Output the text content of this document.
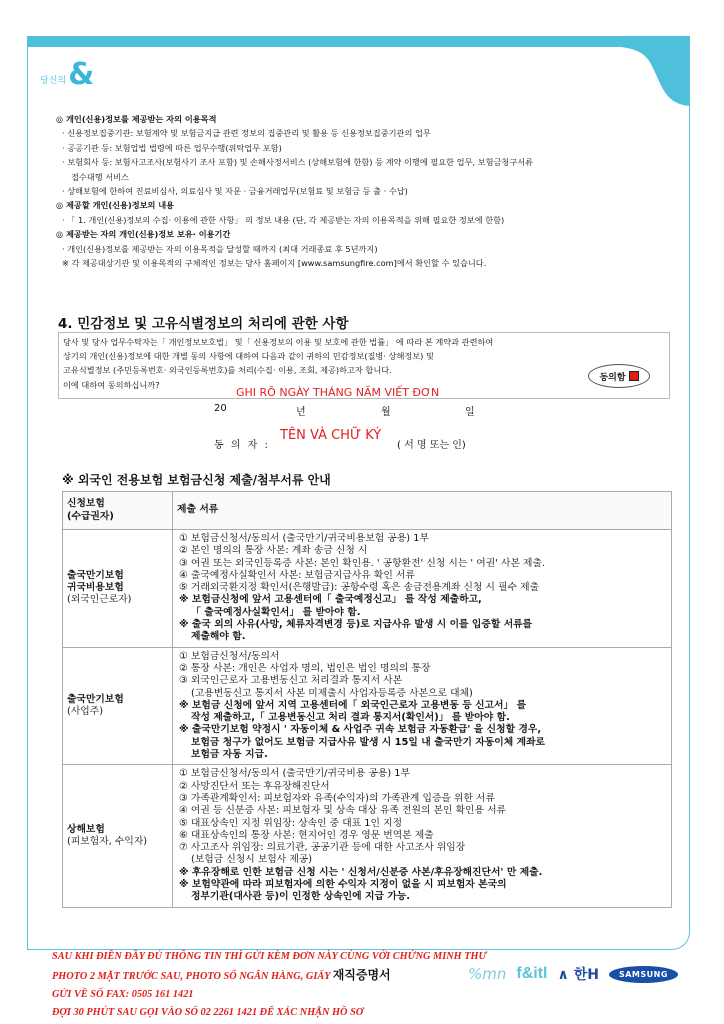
당신의 &
◎ 개인(신용)정보를 제공받는 자의 이용목적
· 신용정보집중기관: 보험계약 및 보험금지급 관련 정보의 집중관리 및 활용 등 신용정보집중기관의 업무
· 공공기관 등: 보험업법 법령에 따른 업무수행(위탁업무 포함)
· 보험회사 등: 보험사고조사(보험사기 조사 포함) 및 손해사정서비스 (상해보험에 한함) 등 계약 이행에 필요한 업무, 보험금청구서류
접수대행 서비스
· 상해보험에 한하여 진료비심사, 의료심사 및 자문 · 금융거래업무(보험료 및 보험금 등 출 · 수납)
◎ 제공할 개인(신용)정보의 내용
· 「 1. 개인(신용)정보의 수집· 이용에 관한 사항」 의 정보 내용 (단, 각 제공받는 자의 이용목적을 위해 필요한 정보에 한함)
◎ 제공받는 자의 개인(신용)정보 보유· 이용기간
· 개인(신용)정보를 제공받는 자의 이용목적을 달성할 때까지 (최대 거래종료 후 5년까지)
※ 각 제공대상기관 및 이용목적의 구체적인 정보는 당사 홈페이지 [www.samsungfire.com]에서 확인할 수 있습니다.
4. 민감정보 및 고유식별정보의 처리에 관한 사항
당사 및 당사 업무수탁자는「 개인정보보호법」 및「 신용정보의 이용 및 보호에 관한 법률」 에 따라 본 계약과 관련하여
상기의 개인(신용)정보에 대한 개별 동의 사항에 대하여 다음과 같이 귀하의 민감정보(질병· 상해정보) 및
고유식별정보 (주민등록번호· 외국인등록번호)를 처리(수집· 이용, 조회, 제공)하고자 합니다.
이에 대하여 동의하십니까?
동의함
GHI RÕ NGÀY THÁNG NĂM VIẾT ĐƠN
20	년	월	일
동 의 자 :
TÊN VÀ CHỮ KÝ
( 서 명 또는 인)
※ 외국인 전용보험 보험금신청 제출/첨부서류 안내
신청보험
(수급권자)	제출 서류

출국만기보험
귀국비용보험
(외국인근로자)

① 보험금신청서/동의서 (출국만기/귀국비용보험 공용) 1부
② 본인 명의의 통장 사본: 계좌 송금 신청 시
③ 여권 또는 외국인등록증 사본: 본인 확인용. ' 공항환전' 신청 시는 ' 여권' 사본 제출.
④ 출국예정사실확인서 사본: 보험금지급사유 확인 서류
⑤ 거래외국환지정 확인서(은행발급): 공항수령 혹은 송금전용계좌 신청 시 필수 제출
※ 보험금신청에 앞서 고용센터에「 출국예정신고」 를 작성 제출하고,
「 출국예정사실확인서」 를 받아야 함.
※ 출국 외의 사유(사망, 체류자격변경 등)로 지급사유 발생 시 이를 입증할 서류를
제출해야 함.

출국만기보험
(사업주)

① 보험금신청서/동의서
② 통장 사본: 개인은 사업자 명의, 법인은 법인 명의의 통장
③ 외국인근로자 고용변동신고 처리결과 통지서 사본
(고용변동신고 통지서 사본 미제출시 사업자등록증 사본으로 대체)
※ 보험금 신청에 앞서 지역 고용센터에「 외국인근로자 고용변동 등 신고서」 를
작성 제출하고,「 고용변동신고 처리 결과 통지서(확인서)」 를 받아야 함.
※ 출국만기보험 약정시 ' 자동이체 & 사업주 귀속 보험금 자동환급' 을 신청할 경우,
보험금 청구가 없어도 보험금 지급사유 발생 시 15일 내 출국만기 자동이체 계좌로
보험금 자동 지급.

상해보험
(피보험자, 수익자)

① 보험금신청서/동의서 (출국만기/귀국비용 공용) 1부
② 사망진단서 또는 후유장해진단서
③ 가족관계확인서: 피보험자와 유족(수익자)의 가족관계 입증을 위한 서류
④ 여권 등 신분증 사본: 피보험자 및 상속 대상 유족 전원의 본인 확인용 서류
⑤ 대표상속인 지정 위임장: 상속인 중 대표 1인 지정
⑥ 대표상속인의 통장 사본: 현지어인 경우 영문 번역본 제출
⑦ 사고조사 위임장: 의료기관, 공공기관 등에 대한 사고조사 위임장
(보험금 신청시 보험사 제공)
※ 후유장해로 인한 보험금 신청 시는 ' 신청서/신분증 사본/후유장해진단서' 만 제출.
※ 보험약관에 따라 피보험자에 의한 수익자 지정이 없을 시 피보험자 본국의
정부기관(대사관 등)이 인정한 상속인에 지급 가능.
SAU KHI ĐIỀN ĐẦY ĐỦ THÔNG TIN THÌ GỬI KÈM ĐƠN NÀY CÙNG VỚI CHỨNG MINH THƯ
PHOTO 2 MẶT TRƯỚC SAU, PHOTO SỔ NGÂN HÀNG, GIẤY 재직증명서
GỬI VỀ SỐ FAX: 0505 161 1421
ĐỢI 30 PHÚT SAU GỌI VÀO SỐ 02 2261 1421 ĐỂ XÁC NHẬN HỒ SƠ
%mn f&itl ∧ 한H	SAMSUNG
